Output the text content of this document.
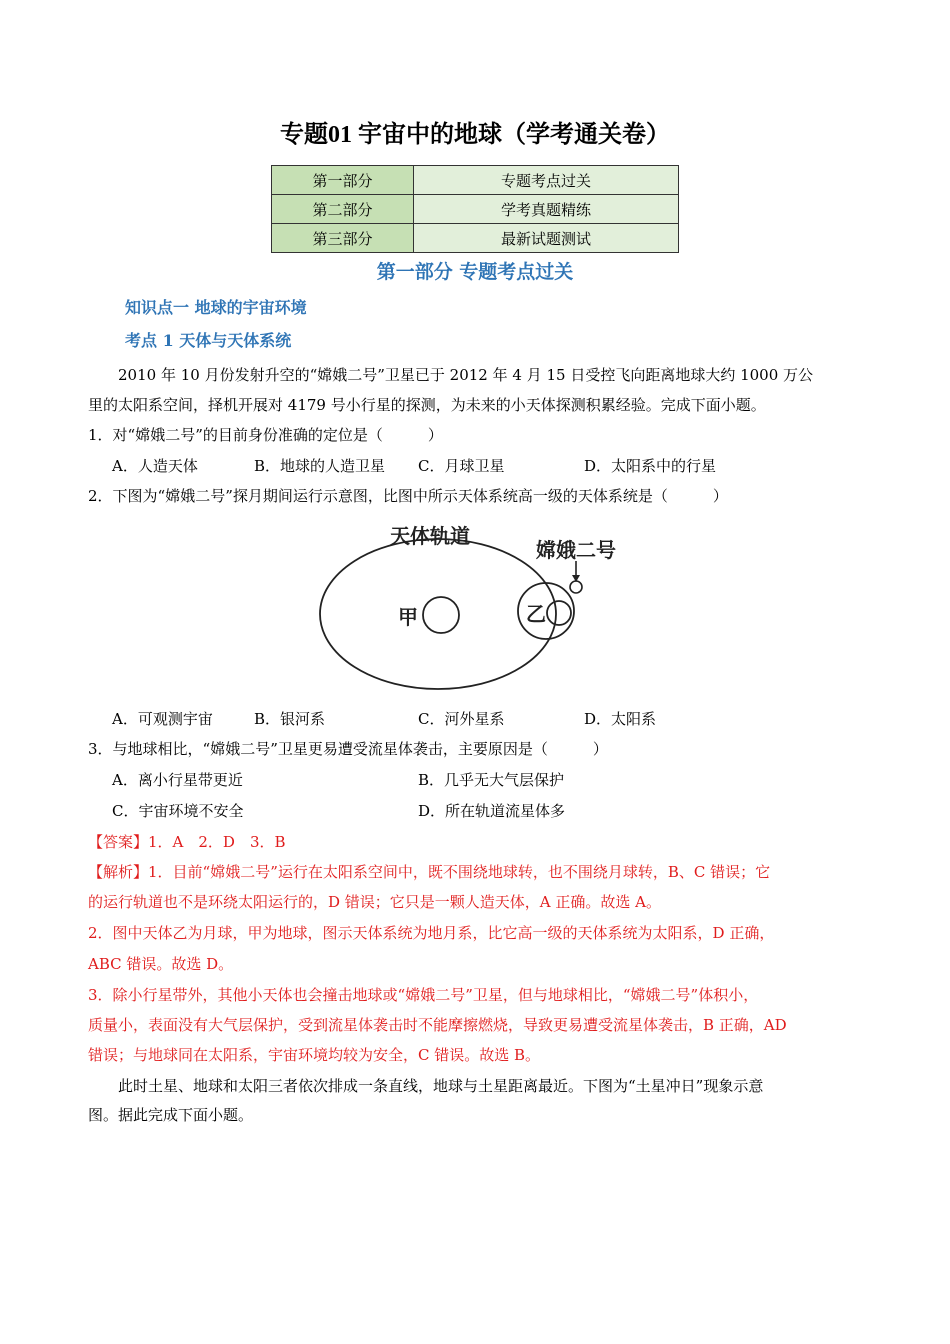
专题01 宇宙中的地球（学考通关卷）
第一部分	专题考点过关
第二部分	学考真题精练
第三部分	最新试题测试
第一部分 专题考点过关
知识点一 地球的宇宙环境
考点 1 天体与天体系统
2010 年 10 月份发射升空的“嫦娥二号”卫星已于 2012 年 4 月 15 日受控飞向距离地球大约 1000 万公
里的太阳系空间，择机开展对 4179 号小行星的探测，为未来的小天体探测积累经验。完成下面小题。
1．对“嫦娥二号”的目前身份准确的定位是（　　　）
A．人造天体	B．地球的人造卫星 C．月球卫星	D．太阳系中的行星
2．下图为“嫦娥二号”探月期间运行示意图，比图中所示天体系统高一级的天体系统是（　　　）
天体轨道
嫦娥二号
甲	乙
A．可观测宇宙	B．银河系	C．河外星系	D．太阳系
3．与地球相比，“嫦娥二号”卫星更易遭受流星体袭击，主要原因是（　　　）
A．离小行星带更近	B．几乎无大气层保护
C．宇宙环境不安全	D．所在轨道流星体多
【答案】1．A　2．D　3．B
【解析】1．目前“嫦娥二号”运行在太阳系空间中，既不围绕地球转，也不围绕月球转，B、C 错误；它
的运行轨道也不是环绕太阳运行的，D 错误；它只是一颗人造天体，A 正确。故选 A。
2．图中天体乙为月球，甲为地球，图示天体系统为地月系，比它高一级的天体系统为太阳系，D 正确，
ABC 错误。故选 D。
3．除小行星带外，其他小天体也会撞击地球或“嫦娥二号”卫星，但与地球相比，“嫦娥二号”体积小，
质量小，表面没有大气层保护，受到流星体袭击时不能摩擦燃烧，导致更易遭受流星体袭击，B 正确，AD
错误；与地球同在太阳系，宇宙环境均较为安全，C 错误。故选 B。
此时土星、地球和太阳三者依次排成一条直线，地球与土星距离最近。下图为“土星冲日”现象示意
图。据此完成下面小题。
